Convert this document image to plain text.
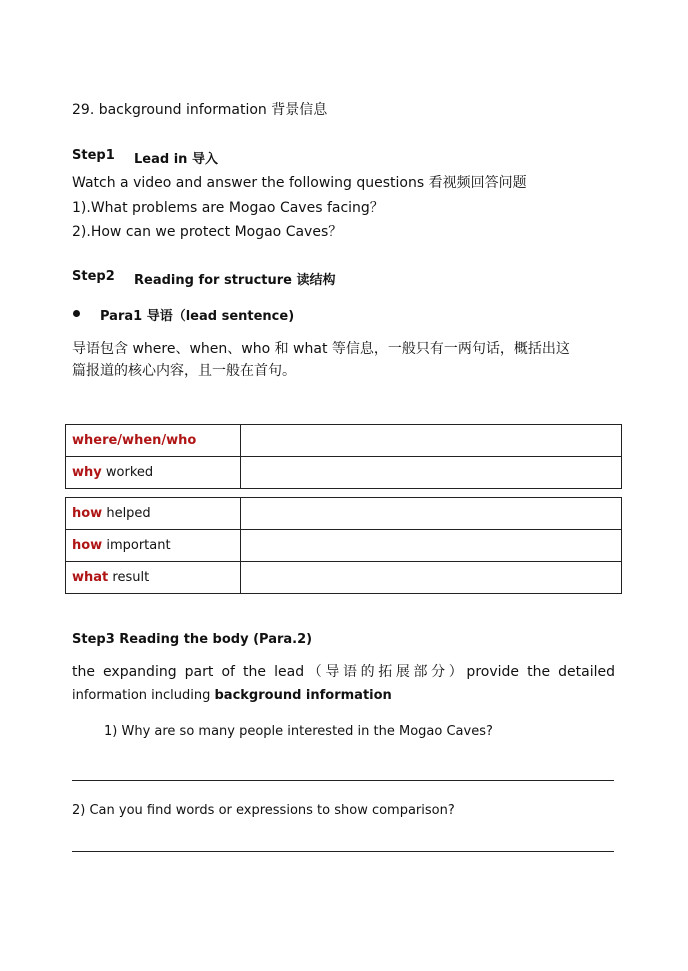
29. background information 背景信息
Step1 Lead in 导入
Watch a video and answer the following questions 看视频回答问题
1).What problems are Mogao Caves facing？
2).How can we protect Mogao Caves？
Step2 Reading for structure 读结构
Para1 导语（lead sentence)
导语包含 where、when、who 和 what 等信息，一般只有一两句话，概括出这
篇报道的核心内容，且一般在首句。
where/when/who	
why worked	
how helped	
how important	
what result	
Step3 Reading the body (Para.2)
the expanding part of the lead（导语的拓展部分）provide the detailed
information including background information
1) Why are so many people interested in the Mogao Caves?
2) Can you find words or expressions to show comparison?
